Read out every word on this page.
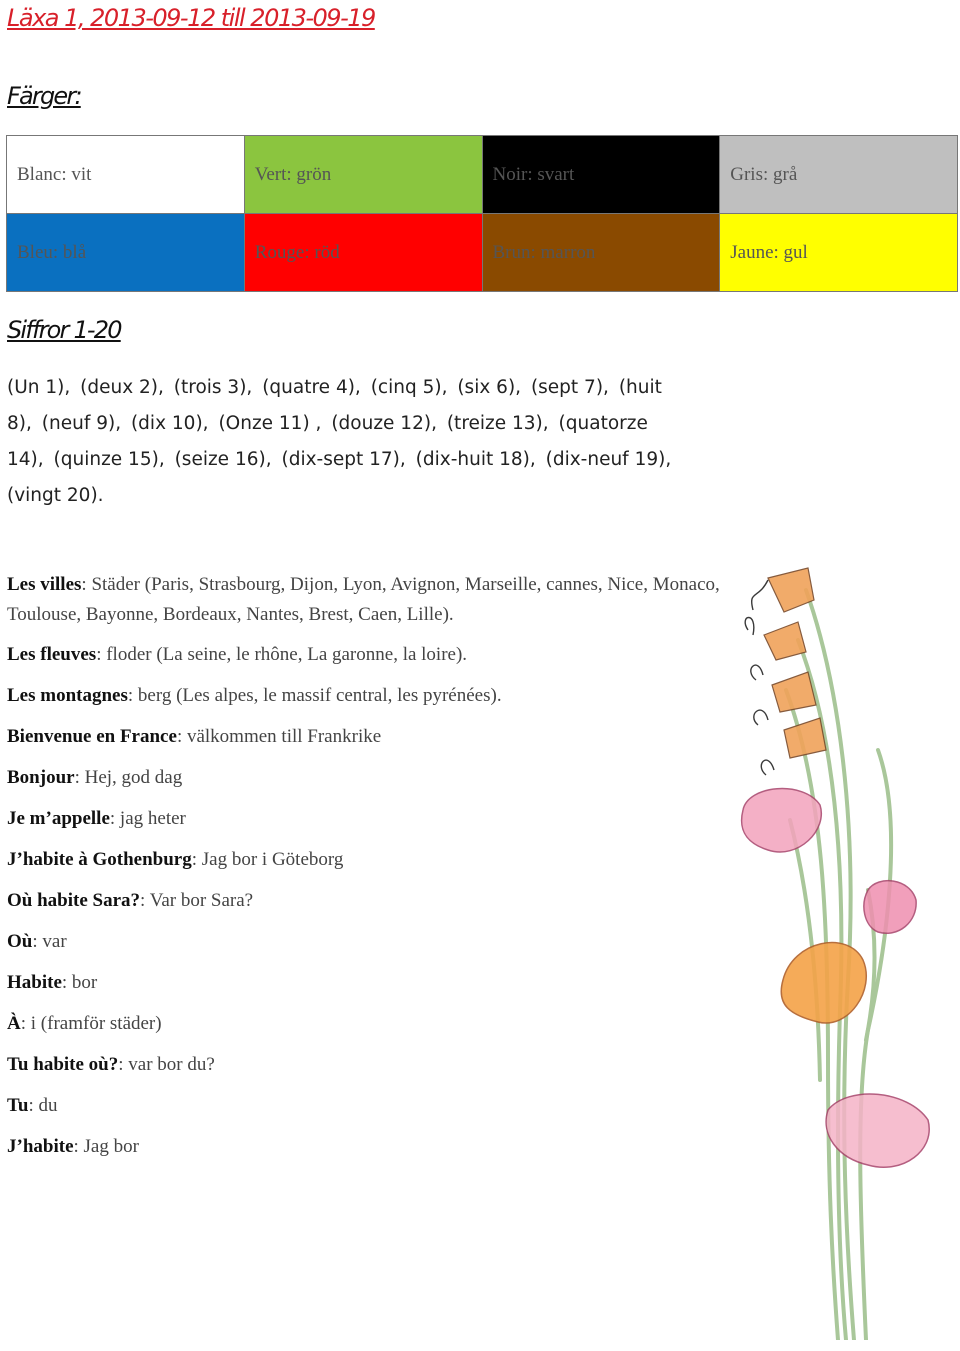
Läxa 1, 2013-09-12 till 2013-09-19
Färger:
Blanc: vit	Vert: grön	Noir: svart	Gris: grå
Bleu: blå	Rouge: röd	Brun: marron	Jaune: gul
Siffror 1-20

(Un 1), (deux 2), (trois 3), (quatre 4), (cinq 5), (six 6), (sept 7), (huit 8), (neuf 9), (dix 10), (Onze 11) , (douze 12), (treize 13), (quatorze 14), (quinze 15), (seize 16), (dix-sept 17), (dix-huit 18), (dix-neuf 19), (vingt 20).

Les villes: Städer (Paris, Strasbourg, Dijon, Lyon, Avignon, Marseille, cannes, Nice, Monaco, Toulouse, Bayonne, Bordeaux, Nantes, Brest, Caen, Lille).

Les fleuves: floder (La seine, le rhône, La garonne, la loire).

Les montagnes: berg (Les alpes, le massif central, les pyrénées).

Bienvenue en France: välkommen till Frankrike

Bonjour: Hej, god dag

Je m’appelle: jag heter

J’habite à Gothenburg: Jag bor i Göteborg

Où habite Sara?: Var bor Sara?

Où: var

Habite: bor

À: i (framför städer)

Tu habite où?: var bor du?

Tu: du

J’habite: Jag bor
